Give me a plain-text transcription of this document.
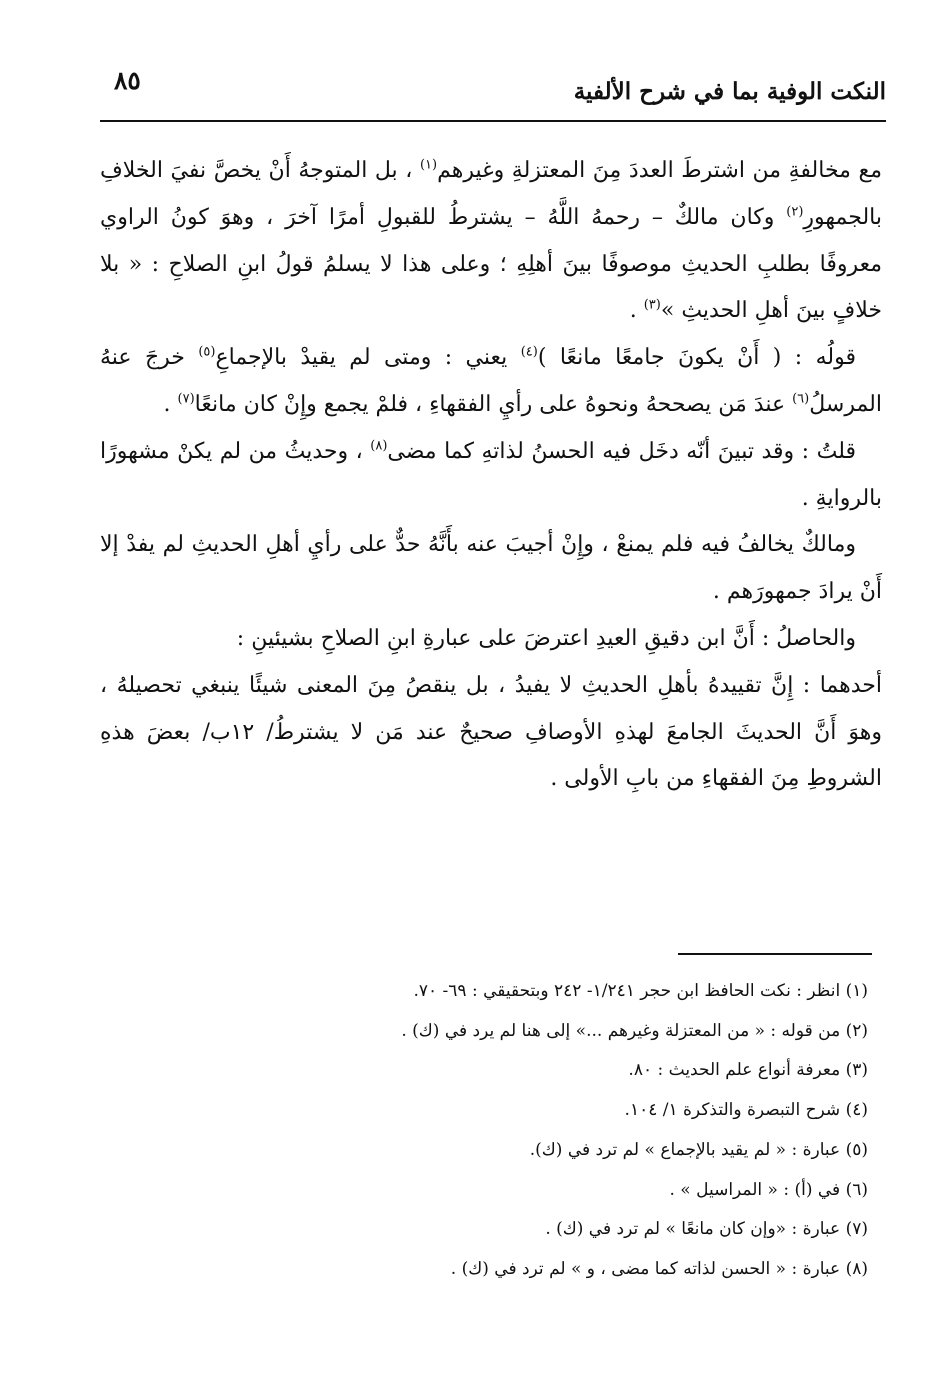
النكت الوفية بما في شرح الألفية
٨٥

مع مخالفةِ من اشترطَ العددَ مِنَ المعتزلةِ وغيرهم$^{(١)}$ ، بل المتوجهُ أَنْ يخصَّ نفيَ الخلافِ بالجمهورِ$^{(٢)}$ وكان مالكٌ – رحمهُ اللَّهُ – يشترطُ للقبولِ أمرًا آخرَ ، وهوَ كونُ الراوي معروفًا بطلبِ الحديثِ موصوفًا بينَ أهلِهِ ؛ وعلى هذا لا يسلمُ قولُ ابنِ الصلاحِ : « بلا خلافٍ بينَ أهلِ الحديثِ »$^{(٣)}$ .

قولُه : ( أَنْ يكونَ جامعًا مانعًا )$^{(٤)}$ يعني : ومتى لم يقيدْ بالإجماعِ$^{(٥)}$ خرجَ عنهُ المرسلُ$^{(٦)}$ عندَ مَن يصححهُ ونحوهُ على رأيِ الفقهاءِ ، فلمْ يجمع وإِنْ كان مانعًا$^{(٧)}$ .

قلتُ : وقد تبينَ أنّه دخَل فيه الحسنُ لذاتهِ كما مضى$^{(٨)}$ ، وحديثُ من لم يكنْ مشهورًا بالروايةِ .

ومالكٌ يخالفُ فيه فلم يمنعْ ، وإِنْ أجيبَ عنه بأَنَّهُ حدٌّ على رأيِ أهلِ الحديثِ لم يفدْ إلا أَنْ يرادَ جمهورَهم .

والحاصلُ : أَنَّ ابن دقيقِ العيدِ اعترضَ على عبارةِ ابنِ الصلاحِ بشيئينِ :

أحدهما : إِنَّ تقييدهُ بأهلِ الحديثِ لا يفيدُ ، بل ينقصُ مِنَ المعنى شيئًا ينبغي تحصيلهُ ، وهوَ أَنَّ الحديثَ الجامعَ لهذهِ الأوصافِ صحيحٌ عند مَن لا يشترطُ/ ١٢ب/ بعضَ هذهِ الشروطِ مِنَ الفقهاءِ من بابِ الأولى .

(١) انظر : نكت الحافظ ابن حجر ١/٢٤١- ٢٤٢ وبتحقيقي : ٦٩- ٧٠.

(٢) من قوله : « من المعتزلة وغيرهم ...» إلى هنا لم يرد في (ك) .

(٣) معرفة أنواع علم الحديث : ٨٠.

(٤) شرح التبصرة والتذكرة ١/ ١٠٤.

(٥) عبارة : « لم يقيد بالإجماع » لم ترد في (ك).

(٦) في (أ) : « المراسيل » .

(٧) عبارة : «وإن كان مانعًا » لم ترد في (ك) .

(٨) عبارة : « الحسن لذاته كما مضى ، و » لم ترد في (ك) .
